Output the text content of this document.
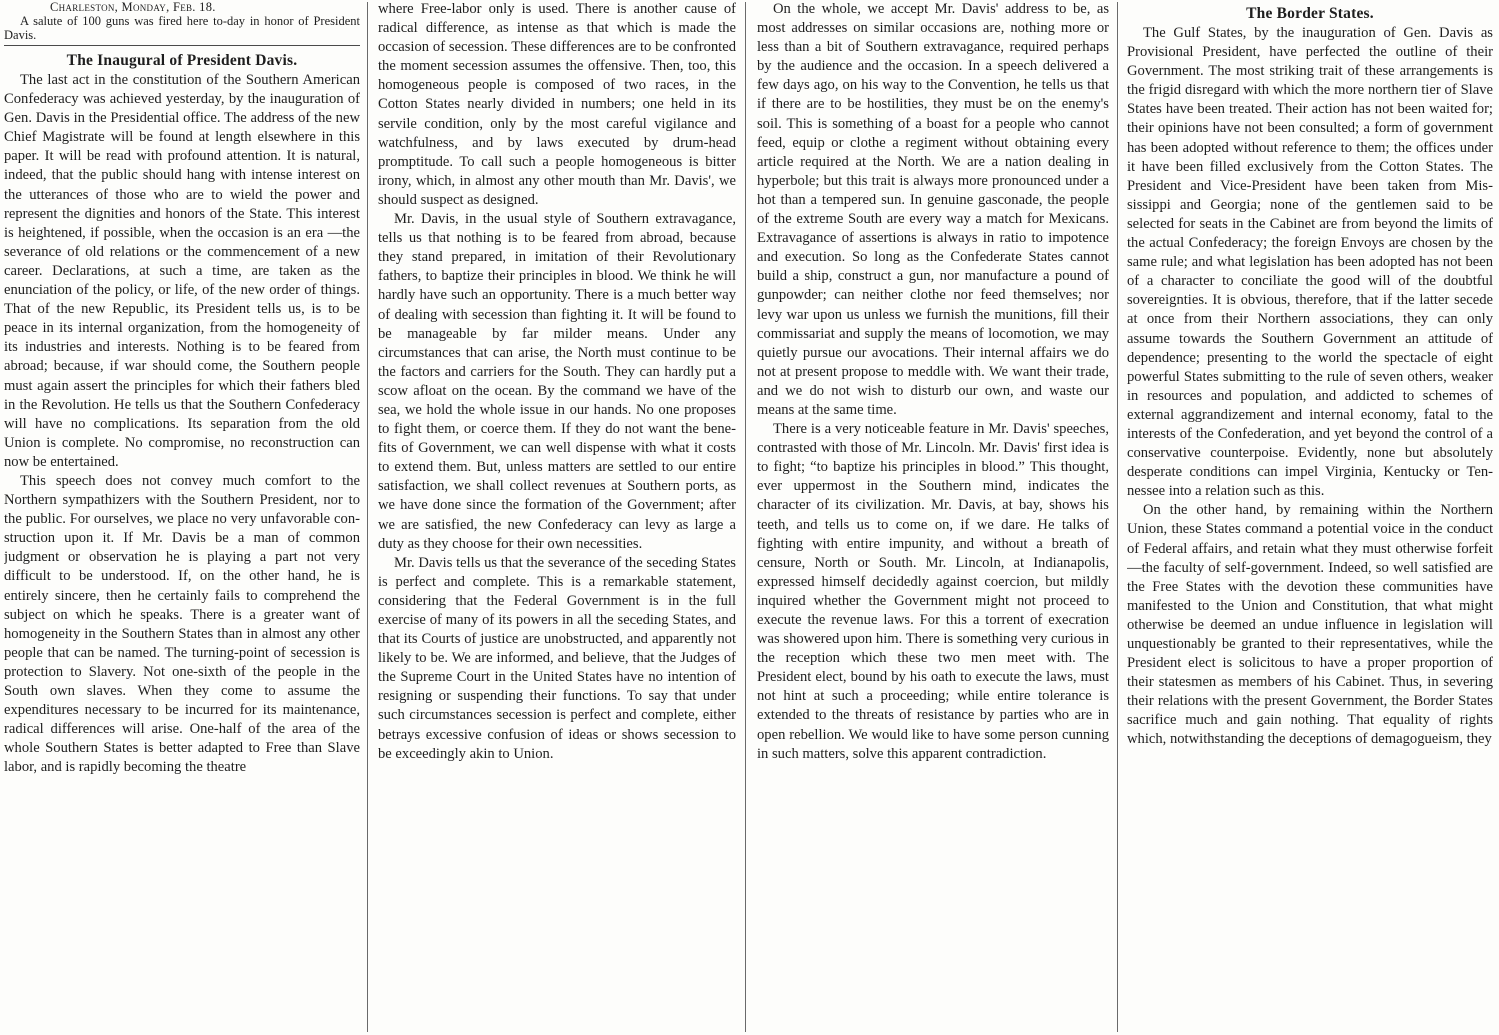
Charleston, Monday, Feb. 18.

A salute of 100 guns was fired here to-day in honor of President Davis.

The Inaugural of President Davis.

The last act in the constitution of the Southern American Confederacy was achieved yesterday, by the inauguration of Gen. Davis in the Presidential office. The address of the new Chief Magistrate will be found at length elsewhere in this paper. It will be read with profound attention. It is natural, indeed, that the public should hang with intense interest on the utterances of those who are to wield the power and represent the dignities and honors of the State. This interest is heightened, if possible, when the occasion is an era —the severance of old relations or the commencement of a new career. Declarations, at such a time, are taken as the enunciation of the policy, or life, of the new order of things. That of the new Republic, its President tells us, is to be peace in its internal organization, from the homogeneity of its industries and interests. Nothing is to be feared from abroad; because, if war should come, the Southern people must again assert the principles for which their fathers bled in the Revolution. He tells us that the Southern Confederacy will have no complications. Its separation from the old Union is complete. No compromise, no reconstruction can now be entertained.

This speech does not convey much comfort to the Northern sympathizers with the Southern President, nor to the public. For ourselves, we place no very unfavorable construction upon it. If Mr. Davis be a man of common judgment or observation he is playing a part not very difficult to be understood. If, on the other hand, he is entirely sincere, then he certainly fails to comprehend the subject on which he speaks. There is a greater want of homogeneity in the Southern States than in almost any other people that can be named. The turning-point of secession is protection to Slavery. Not one-sixth of the people in the South own slaves. When they come to assume the expenditures necessary to be incurred for its maintenance, radical differences will arise. One-half of the area of the whole Southern States is better adapted to Free than Slave labor, and is rapidly becoming the theatre

where Free-labor only is used. There is another cause of radical difference, as intense as that which is made the occasion of secession. These differences are to be confronted the moment secession assumes the offensive. Then, too, this homogeneous people is composed of two races, in the Cotton States nearly divided in numbers; one held in its servile condition, only by the most careful vigilance and watchfulness, and by laws executed by drum-head promptitude. To call such a people homogeneous is bitter irony, which, in almost any other mouth than Mr. Davis', we should suspect as designed.

Mr. Davis, in the usual style of Southern extravagance, tells us that nothing is to be feared from abroad, because they stand prepared, in imitation of their Revolutionary fathers, to baptize their principles in blood. We think he will hardly have such an opportunity. There is a much better way of dealing with secession than fighting it. It will be found to be manageable by far milder means. Under any circumstances that can arise, the North must continue to be the factors and carriers for the South. They can hardly put a scow afloat on the ocean. By the command we have of the sea, we hold the whole issue in our hands. No one proposes to fight them, or coerce them. If they do not want the benefits of Government, we can well dispense with what it costs to extend them. But, unless matters are settled to our entire satisfaction, we shall collect revenues at Southern ports, as we have done since the formation of the Government; after we are satisfied, the new Confederacy can levy as large a duty as they choose for their own necessities.

Mr. Davis tells us that the severance of the seceding States is perfect and complete. This is a remarkable statement, considering that the Federal Government is in the full exercise of many of its powers in all the seceding States, and that its Courts of justice are unobstructed, and apparently not likely to be. We are informed, and believe, that the Judges of the Supreme Court in the United States have no intention of resigning or suspending their functions. To say that under such circumstances secession is perfect and complete, either betrays excessive confusion of ideas or shows secession to be exceedingly akin to Union.

On the whole, we accept Mr. Davis' address to be, as most addresses on similar occasions are, nothing more or less than a bit of Southern extravagance, required perhaps by the audience and the occasion. In a speech delivered a few days ago, on his way to the Convention, he tells us that if there are to be hostilities, they must be on the enemy's soil. This is something of a boast for a people who cannot feed, equip or clothe a regiment without obtaining every article required at the North. We are a nation dealing in hyperbole; but this trait is always more pronounced under a hot than a tempered sun. In genuine gasconade, the people of the extreme South are every way a match for Mexicans. Extravagance of assertions is always in ratio to impotence and execution. So long as the Confederate States cannot build a ship, construct a gun, nor manufacture a pound of gunpowder; can neither clothe nor feed themselves; nor levy war upon us unless we furnish the munitions, fill their commissariat and supply the means of locomotion, we may quietly pursue our avocations. Their internal affairs we do not at present propose to meddle with. We want their trade, and we do not wish to disturb our own, and waste our means at the same time.

There is a very noticeable feature in Mr. Davis' speeches, contrasted with those of Mr. Lincoln. Mr. Davis' first idea is to fight; “to baptize his principles in blood.” This thought, ever uppermost in the Southern mind, indicates the character of its civilization. Mr. Davis, at bay, shows his teeth, and tells us to come on, if we dare. He talks of fighting with entire impunity, and without a breath of censure, North or South. Mr. Lincoln, at Indianapolis, expressed himself decidedly against coercion, but mildly inquired whether the Government might not proceed to execute the revenue laws. For this a torrent of execration was showered upon him. There is something very curious in the reception which these two men meet with. The President elect, bound by his oath to execute the laws, must not hint at such a proceeding; while entire tolerance is extended to the threats of resistance by parties who are in open rebellion. We would like to have some person cunning in such matters, solve this apparent contradiction.

The Border States.

The Gulf States, by the inauguration of Gen. Davis as Provisional President, have perfected the outline of their Government. The most striking trait of these arrangements is the frigid disregard with which the more northern tier of Slave States have been treated. Their action has not been waited for; their opinions have not been consulted; a form of government has been adopted without reference to them; the offices under it have been filled exclusively from the Cotton States. The President and Vice-President have been taken from Mississippi and Georgia; none of the gentlemen said to be selected for seats in the Cabinet are from beyond the limits of the actual Confederacy; the foreign Envoys are chosen by the same rule; and what legislation has been adopted has not been of a character to conciliate the good will of the doubtful sovereignties. It is obvious, therefore, that if the latter secede at once from their Northern associations, they can only assume towards the Southern Government an attitude of dependence; presenting to the world the spectacle of eight powerful States submitting to the rule of seven others, weaker in resources and population, and addicted to schemes of external aggrandizement and internal economy, fatal to the interests of the Confederation, and yet beyond the control of a conservative counterpoise. Evidently, none but absolutely desperate conditions can impel Virginia, Kentucky or Tennessee into a relation such as this.

On the other hand, by remaining within the Northern Union, these States command a potential voice in the conduct of Federal affairs, and retain what they must otherwise forfeit—the faculty of self-government. Indeed, so well satisfied are the Free States with the devotion these communities have manifested to the Union and Constitution, that what might otherwise be deemed an undue influence in legislation will unquestionably be granted to their representatives, while the President elect is solicitous to have a proper proportion of their statesmen as members of his Cabinet. Thus, in severing their relations with the present Government, the Border States sacrifice much and gain nothing. That equality of rights which, notwithstanding the deceptions of demagogueism, they
